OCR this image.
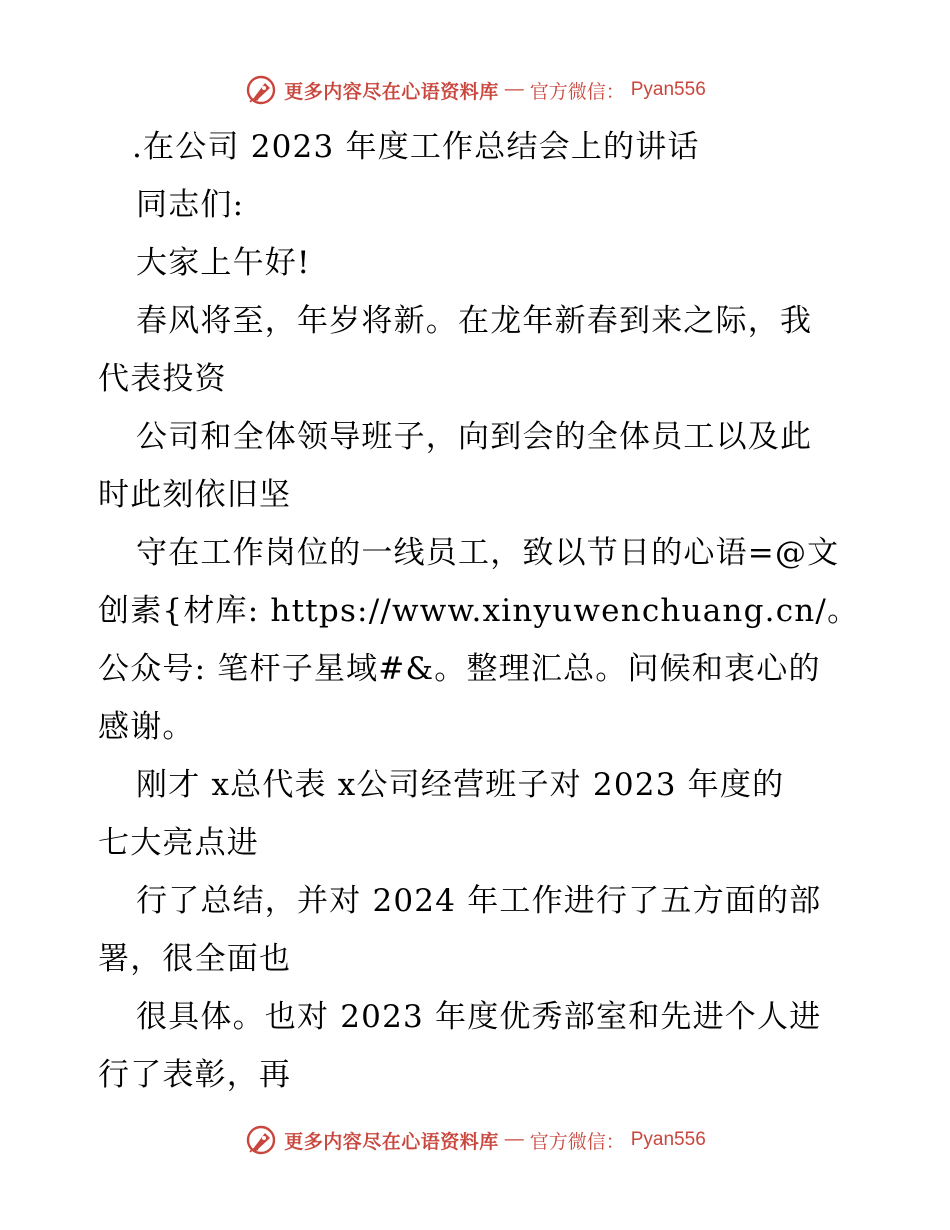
更多内容尽在心语资料库 — 官方微信： Pyan556
.在公司 2023 年度工作总结会上的讲话
同志们:
大家上午好!
春风将至，年岁将新。在龙年新春到来之际，我
代表投资
公司和全体领导班子，向到会的全体员工以及此
时此刻依旧坚
守在工作岗位的一线员工，致以节日的心语=@文
创素{材库: https://www.xinyuwenchuang.cn/。
公众号: 笔杆子星域#&。整理汇总。问候和衷心的
感谢。
刚才 x总代表 x公司经营班子对 2023 年度的
七大亮点进
行了总结，并对 2024 年工作进行了五方面的部
署，很全面也
很具体。也对 2023 年度优秀部室和先进个人进
行了表彰，再
更多内容尽在心语资料库 — 官方微信： Pyan556
